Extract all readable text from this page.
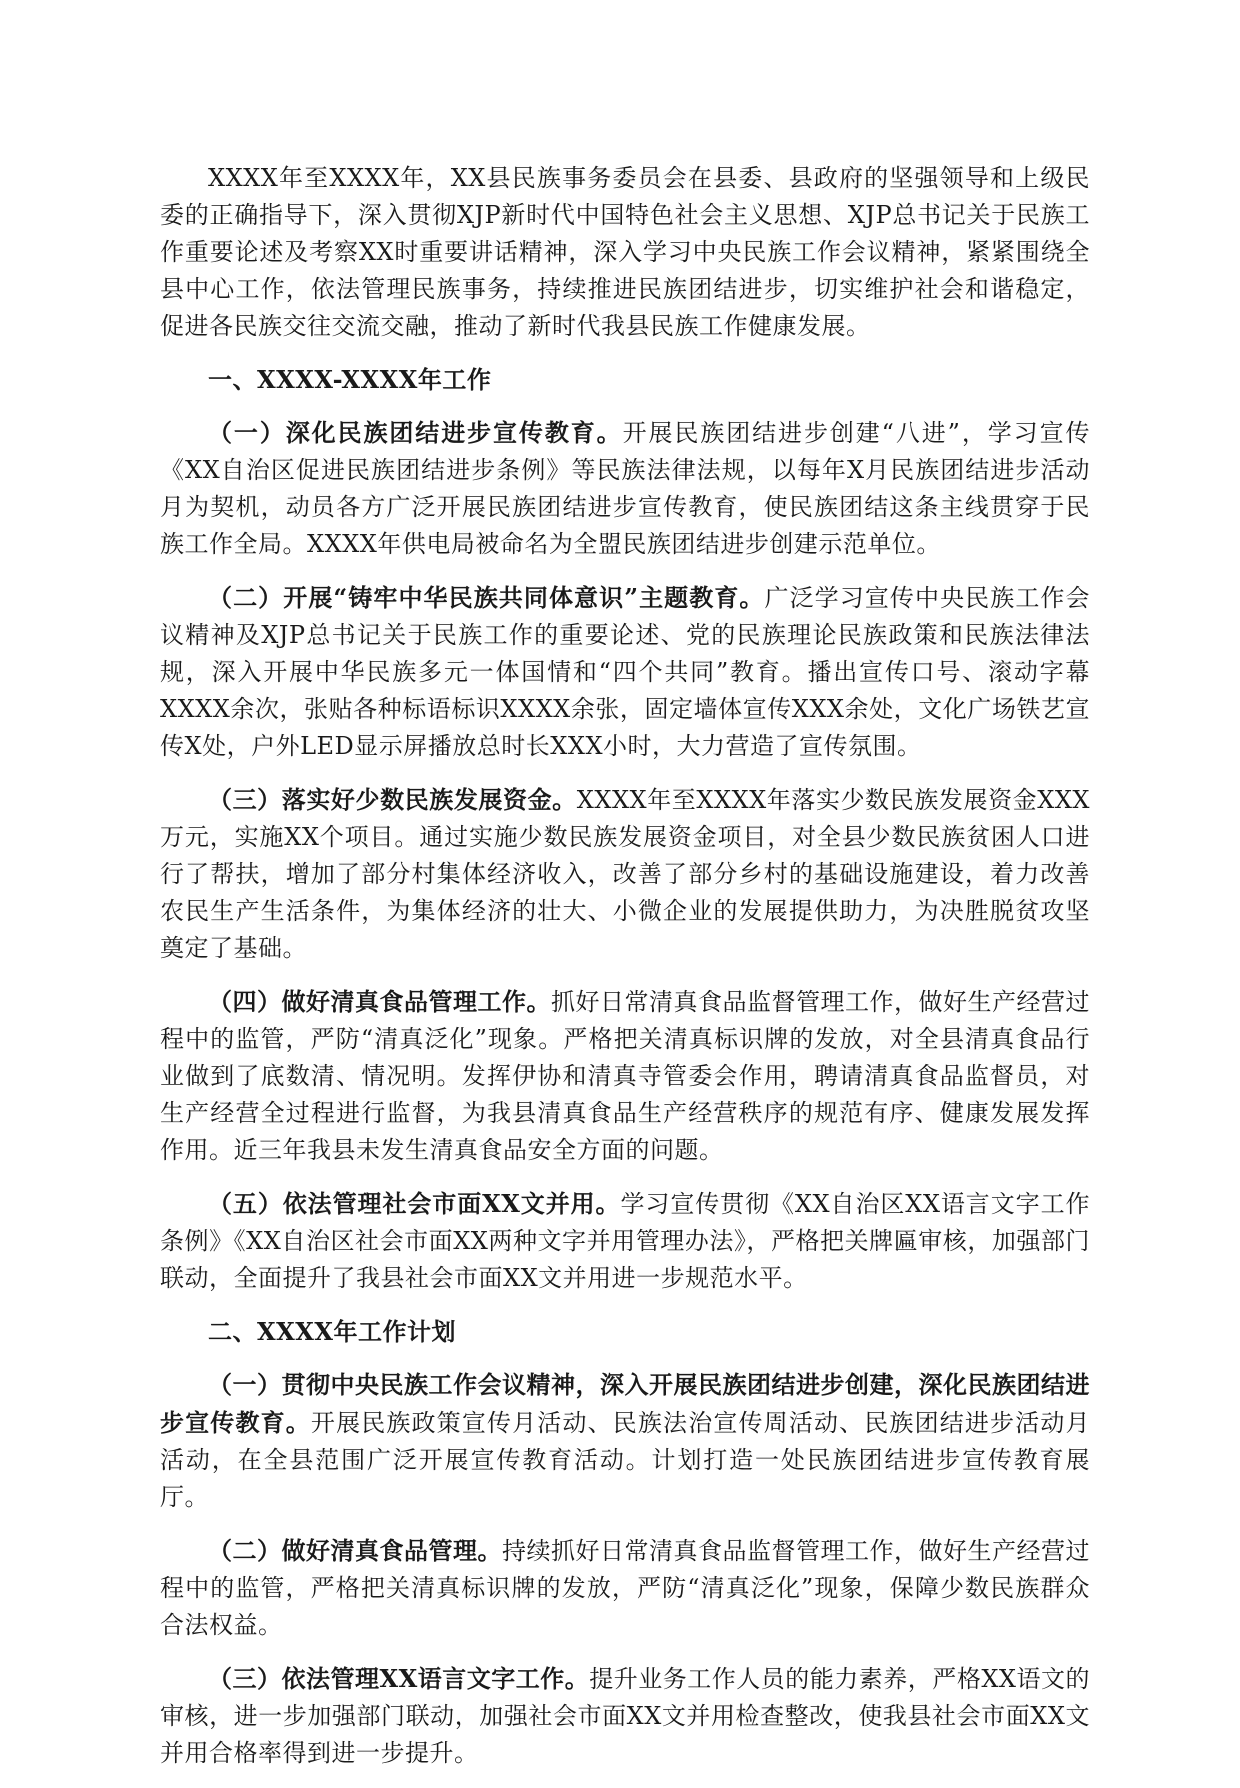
XXXX年至XXXX年，XX县民族事务委员会在县委、县政府的坚强领导和上级民委的正确指导下，深入贯彻XJP新时代中国特色社会主义思想、XJP总书记关于民族工作重要论述及考察XX时重要讲话精神，深入学习中央民族工作会议精神，紧紧围绕全县中心工作，依法管理民族事务，持续推进民族团结进步，切实维护社会和谐稳定，促进各民族交往交流交融，推动了新时代我县民族工作健康发展。

一、XXXX-XXXX年工作

（一）深化民族团结进步宣传教育。开展民族团结进步创建“八进”，学习宣传《XX自治区促进民族团结进步条例》等民族法律法规，以每年X月民族团结进步活动月为契机，动员各方广泛开展民族团结进步宣传教育，使民族团结这条主线贯穿于民族工作全局。XXXX年供电局被命名为全盟民族团结进步创建示范单位。

（二）开展“铸牢中华民族共同体意识”主题教育。广泛学习宣传中央民族工作会议精神及XJP总书记关于民族工作的重要论述、党的民族理论民族政策和民族法律法规，深入开展中华民族多元一体国情和“四个共同”教育。播出宣传口号、滚动字幕XXXX余次，张贴各种标语标识XXXX余张，固定墙体宣传XXX余处，文化广场铁艺宣传X处，户外LED显示屏播放总时长XXX小时，大力营造了宣传氛围。

（三）落实好少数民族发展资金。XXXX年至XXXX年落实少数民族发展资金XXX万元，实施XX个项目。通过实施少数民族发展资金项目，对全县少数民族贫困人口进行了帮扶，增加了部分村集体经济收入，改善了部分乡村的基础设施建设，着力改善农民生产生活条件，为集体经济的壮大、小微企业的发展提供助力，为决胜脱贫攻坚奠定了基础。

（四）做好清真食品管理工作。抓好日常清真食品监督管理工作，做好生产经营过程中的监管，严防“清真泛化”现象。严格把关清真标识牌的发放，对全县清真食品行业做到了底数清、情况明。发挥伊协和清真寺管委会作用，聘请清真食品监督员，对生产经营全过程进行监督，为我县清真食品生产经营秩序的规范有序、健康发展发挥作用。近三年我县未发生清真食品安全方面的问题。

（五）依法管理社会市面XX文并用。学习宣传贯彻《XX自治区XX语言文字工作条例》《XX自治区社会市面XX两种文字并用管理办法》，严格把关牌匾审核，加强部门联动，全面提升了我县社会市面XX文并用进一步规范水平。

二、XXXX年工作计划

（一）贯彻中央民族工作会议精神，深入开展民族团结进步创建，深化民族团结进步宣传教育。开展民族政策宣传月活动、民族法治宣传周活动、民族团结进步活动月活动，在全县范围广泛开展宣传教育活动。计划打造一处民族团结进步宣传教育展厅。

（二）做好清真食品管理。持续抓好日常清真食品监督管理工作，做好生产经营过程中的监管，严格把关清真标识牌的发放，严防“清真泛化”现象，保障少数民族群众合法权益。

（三）依法管理XX语言文字工作。提升业务工作人员的能力素养，严格XX语文的审核，进一步加强部门联动，加强社会市面XX文并用检查整改，使我县社会市面XX文并用合格率得到进一步提升。
